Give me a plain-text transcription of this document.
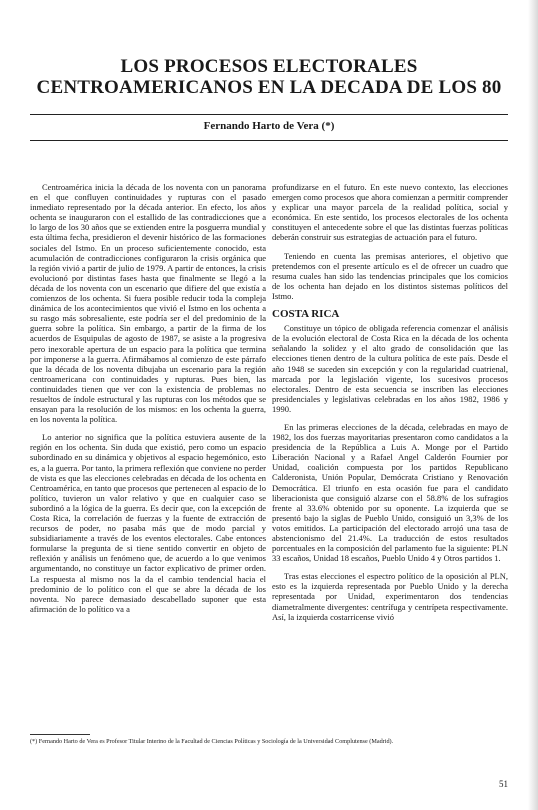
LOS PROCESOS ELECTORALES
CENTROAMERICANOS EN LA DECADA DE LOS 80
Fernando Harto de Vera (*)

Centroamérica inicia la década de los noventa con un panorama en el que confluyen continuidades y rupturas con el pasado inmediato representado por la década anterior. En efecto, los años ochenta se inauguraron con el estallido de las contradicciones que a lo largo de los 30 años que se extienden entre la posguerra mundial y esta última fecha, presidieron el devenir histórico de las formaciones sociales del Istmo. En un proceso suficientemente conocido, esta acumulación de contradicciones configuraron la crisis orgánica que la región vivió a partir de julio de 1979. A partir de entonces, la crisis evolucionó por distintas fases hasta que finalmente se llegó a la década de los noventa con un escenario que difiere del que existía a comienzos de los ochenta. Si fuera posible reducir toda la compleja dinámica de los acontecimientos que vivió el Istmo en los ochenta a su rasgo más sobresaliente, este podría ser el del predominio de la guerra sobre la política. Sin embargo, a partir de la firma de los acuerdos de Esquipulas de agosto de 1987, se asiste a la progresiva pero inexorable apertura de un espacio para la política que termina por imponerse a la guerra. Afirmábamos al comienzo de este párrafo que la década de los noventa dibujaba un escenario para la región centroamericana con continuidades y rupturas. Pues bien, las continuidades tienen que ver con la existencia de problemas no resueltos de índole estructural y las rupturas con los métodos que se ensayan para la resolución de los mismos: en los ochenta la guerra, en los noventa la política.

Lo anterior no significa que la política estuviera ausente de la región en los ochenta. Sin duda que existió, pero como un espacio subordinado en su dinámica y objetivos al espacio hegemónico, esto es, a la guerra. Por tanto, la primera reflexión que conviene no perder de vista es que las elecciones celebradas en década de los ochenta en Centroamérica, en tanto que procesos que pertenecen al espacio de lo político, tuvieron un valor relativo y que en cualquier caso se subordinó a la lógica de la guerra. Es decir que, con la excepción de Costa Rica, la correlación de fuerzas y la fuente de extracción de recursos de poder, no pasaba más que de modo parcial y subsidiariamente a través de los eventos electorales. Cabe entonces formularse la pregunta de si tiene sentido convertir en objeto de reflexión y análisis un fenómeno que, de acuerdo a lo que venimos argumentando, no constituye un factor explicativo de primer orden. La respuesta al mismo nos la da el cambio tendencial hacia el predominio de lo político con el que se abre la década de los noventa. No parece demasiado descabellado suponer que esta afirmación de lo político va a

profundizarse en el futuro. En este nuevo contexto, las elecciones emergen como procesos que ahora comienzan a permitir comprender y explicar una mayor parcela de la realidad política, social y económica. En este sentido, los procesos electorales de los ochenta constituyen el antecedente sobre el que las distintas fuerzas políticas deberán construir sus estrategias de actuación para el futuro.

Teniendo en cuenta las premisas anteriores, el objetivo que pretendemos con el presente artículo es el de ofrecer un cuadro que resuma cuales han sido las tendencias principales que los comicios de los ochenta han dejado en los distintos sistemas políticos del Istmo.

COSTA RICA

Constituye un tópico de obligada referencia comenzar el análisis de la evolución electoral de Costa Rica en la década de los ochenta señalando la solidez y el alto grado de consolidación que las elecciones tienen dentro de la cultura política de este país. Desde el año 1948 se suceden sin excepción y con la regularidad cuatrienal, marcada por la legislación vigente, los sucesivos procesos electorales. Dentro de esta secuencia se inscriben las elecciones presidenciales y legislativas celebradas en los años 1982, 1986 y 1990.

En las primeras elecciones de la década, celebradas en mayo de 1982, los dos fuerzas mayoritarias presentaron como candidatos a la presidencia de la República a Luis A. Monge por el Partido Liberación Nacional y a Rafael Angel Calderón Fournier por Unidad, coalición compuesta por los partidos Republicano Calderonista, Unión Popular, Demócrata Cristiano y Renovación Democrática. El triunfo en esta ocasión fue para el candidato liberacionista que consiguió alzarse con el 58.8% de los sufragios frente al 33.6% obtenido por su oponente. La izquierda que se presentó bajo la siglas de Pueblo Unido, consiguió un 3,3% de los votos emitidos. La participación del electorado arrojó una tasa de abstencionismo del 21.4%. La traducción de estos resultados porcentuales en la composición del parlamento fue la siguiente: PLN 33 escaños, Unidad 18 escaños, Pueblo Unido 4 y Otros partidos 1.

Tras estas elecciones el espectro político de la oposición al PLN, esto es la izquierda representada por Pueblo Unido y la derecha representada por Unidad, experimentaron dos tendencias diametralmente divergentes: centrífuga y centrípeta respectivamente. Así, la izquierda costarricense vivió

(*) Fernando Harto de Vera es Profesor Titular Interino de la Facultad de Ciencias Políticas y Sociología de la Universidad Complutense (Madrid).
51
